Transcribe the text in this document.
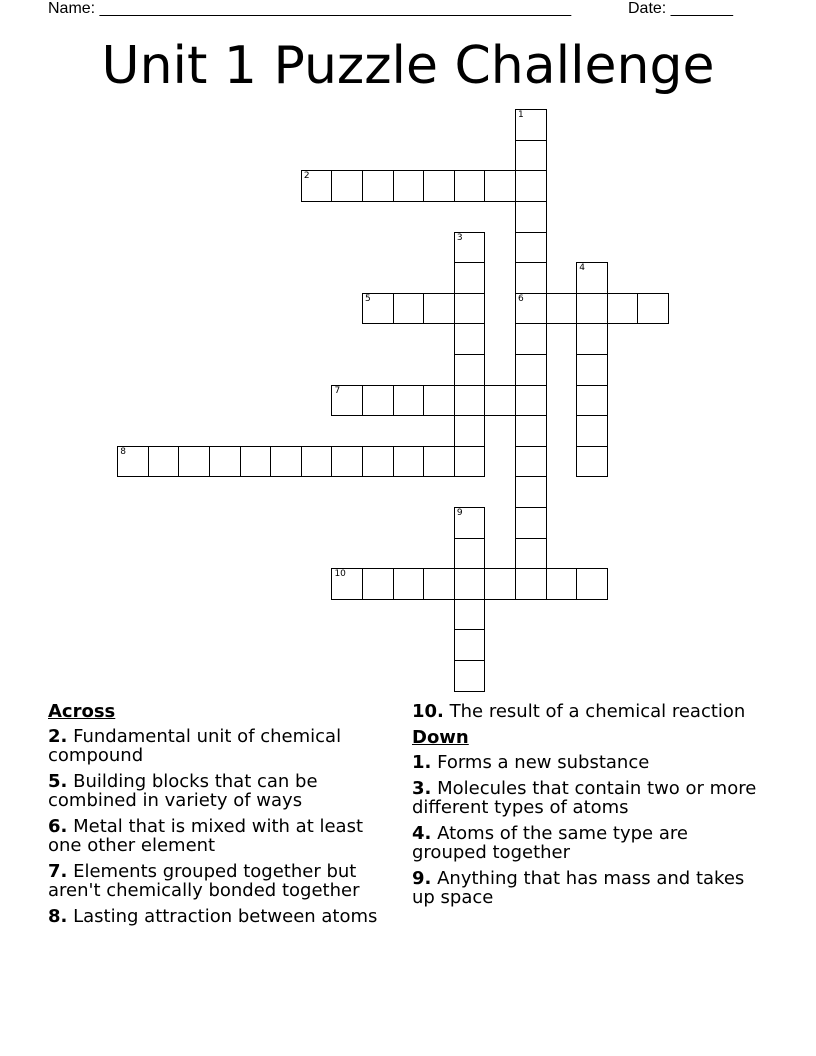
Name: _____________________________________________________	Date: _______
Unit 1 Puzzle Challenge
1
6
2
3
4
5
7
8
9
10
Across
2. Fundamental unit of chemical compound
5. Building blocks that can be combined in variety of ways
6. Metal that is mixed with at least one other element
7. Elements grouped together but aren't chemically bonded together
8. Lasting attraction between atoms
10. The result of a chemical reaction
Down
1. Forms a new substance
3. Molecules that contain two or more different types of atoms
4. Atoms of the same type are grouped together
9. Anything that has mass and takes up space
